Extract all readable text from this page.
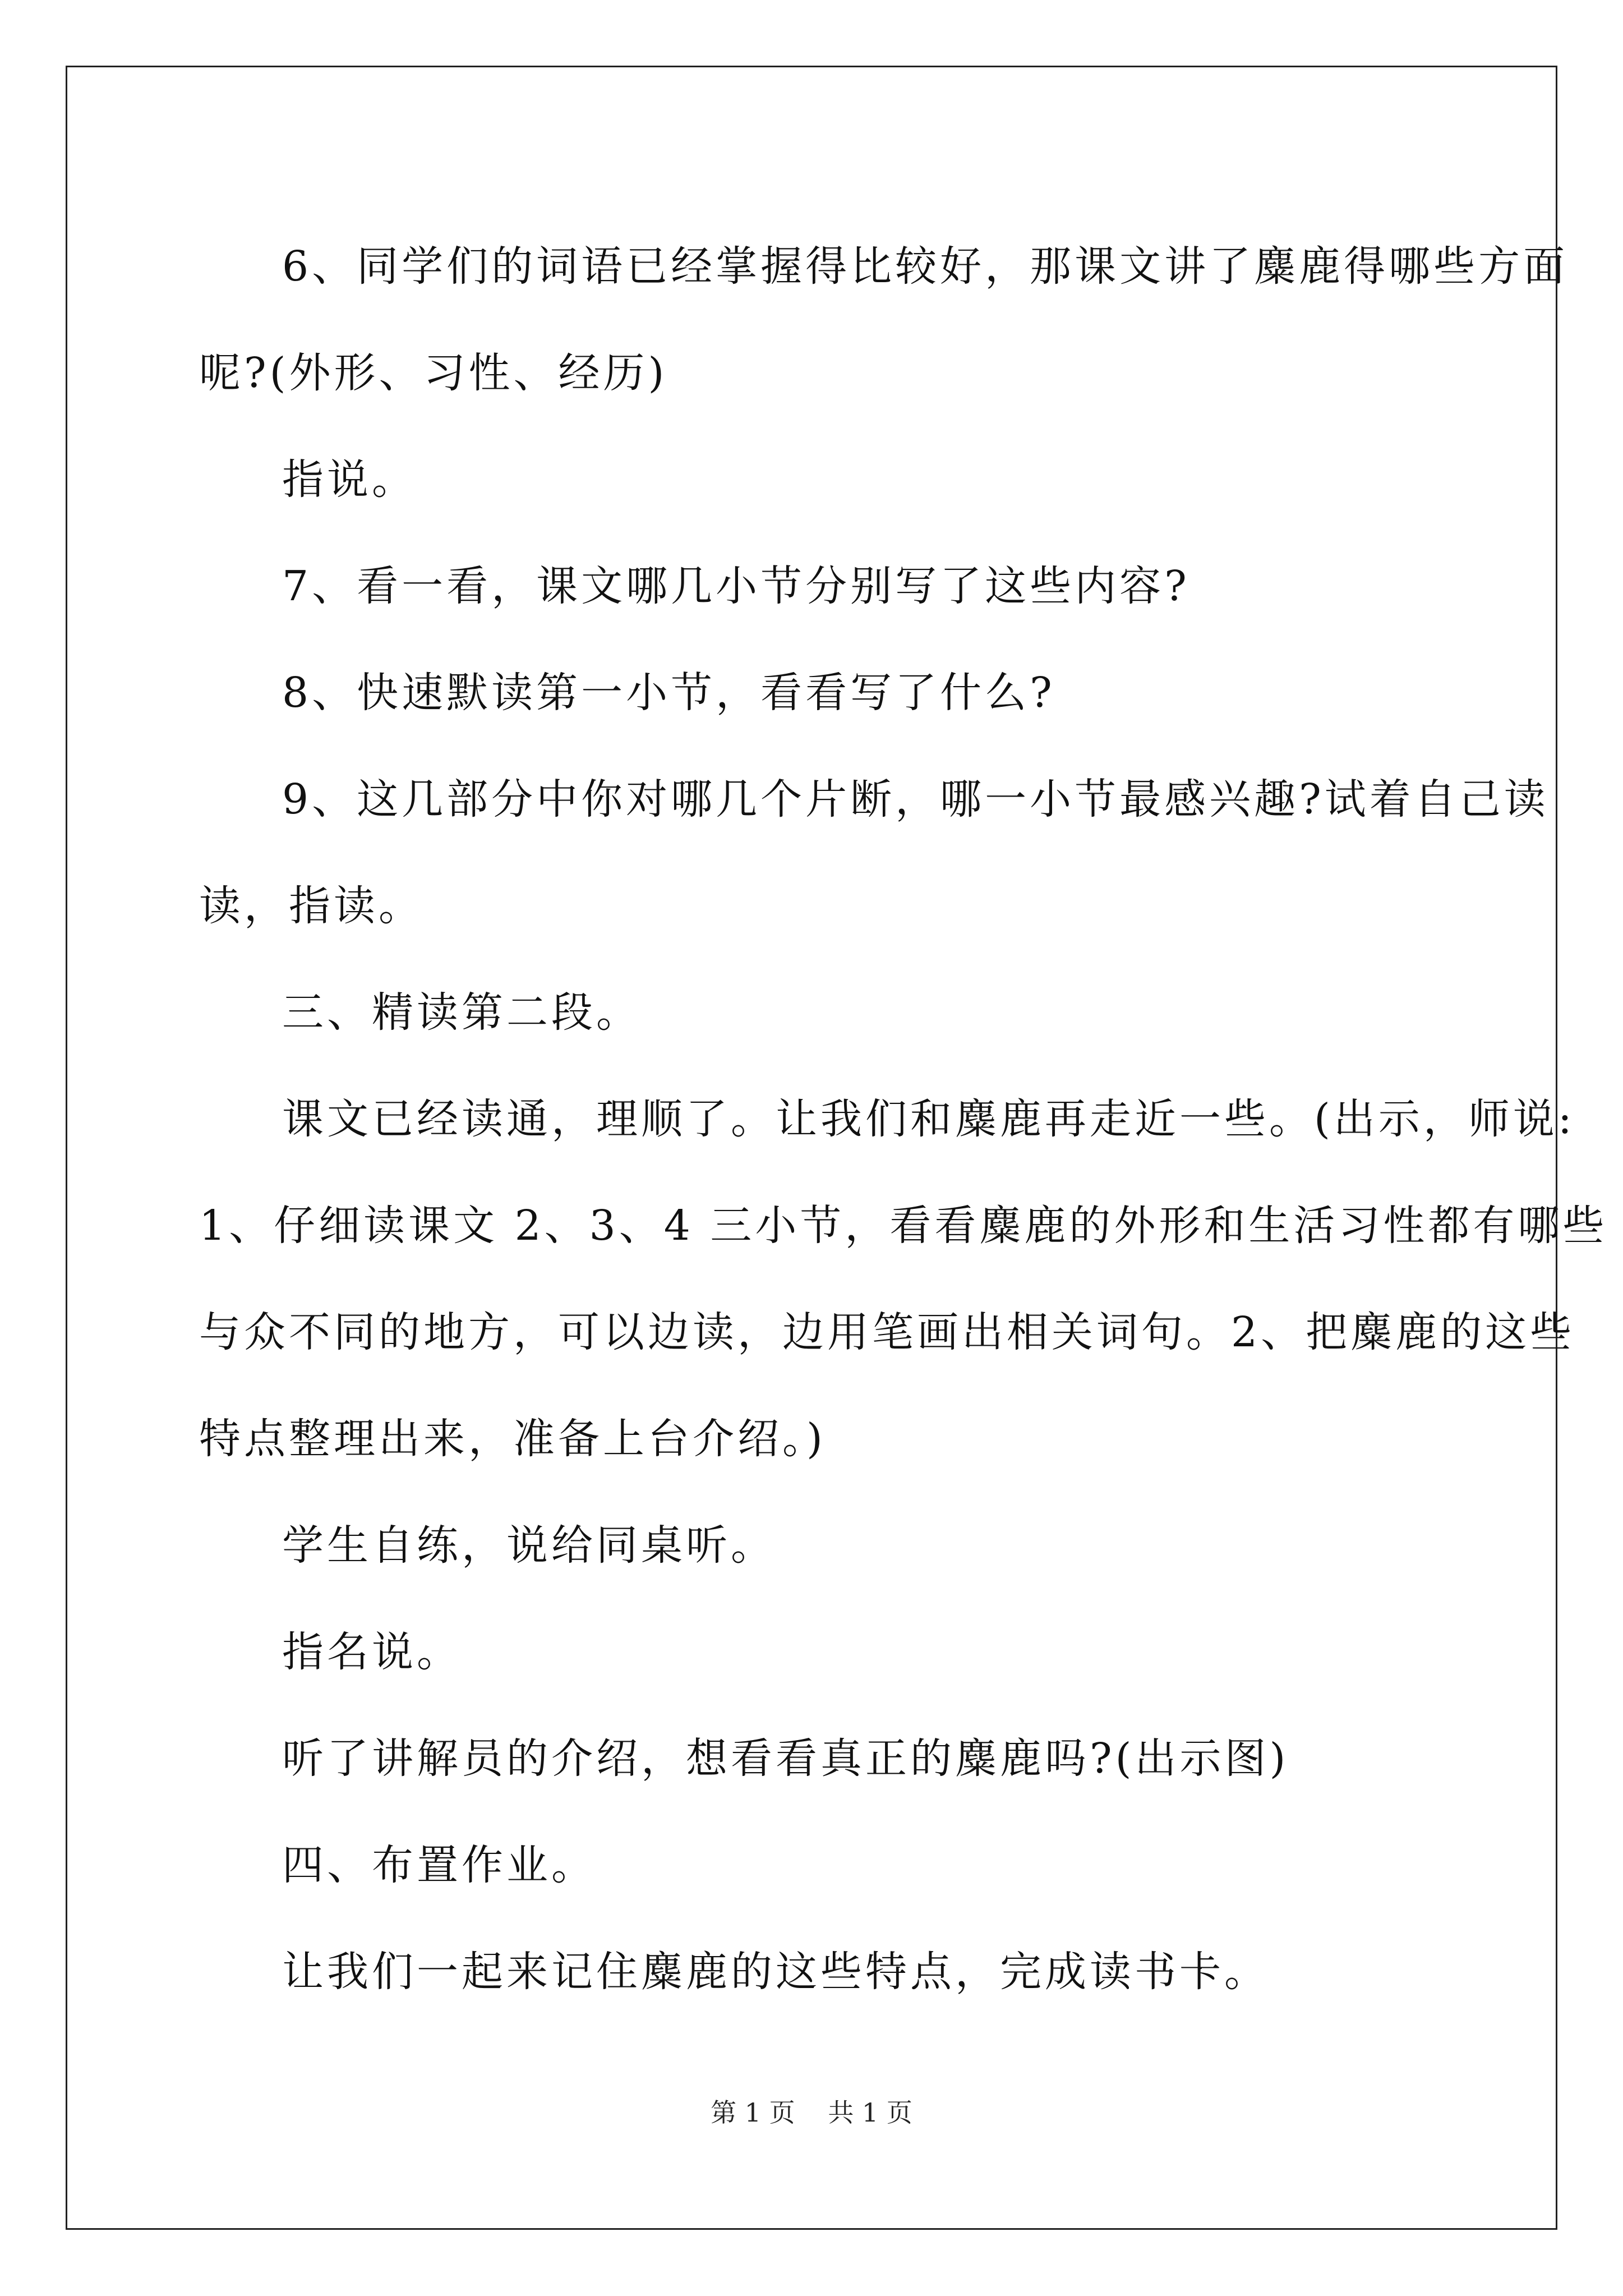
6、同学们的词语已经掌握得比较好，那课文讲了麋鹿得哪些方面

呢?(外形、习性、经历)

指说。

7、看一看，课文哪几小节分别写了这些内容?

8、快速默读第一小节，看看写了什么?

9、这几部分中你对哪几个片断，哪一小节最感兴趣?试着自己读

读，指读。

三、精读第二段。

课文已经读通，理顺了。让我们和麋鹿再走近一些。(出示，师说:

1、仔细读课文 2、3、4 三小节，看看麋鹿的外形和生活习性都有哪些

与众不同的地方，可以边读，边用笔画出相关词句。2、把麋鹿的这些

特点整理出来，准备上台介绍。)

学生自练，说给同桌听。

指名说。

听了讲解员的介绍，想看看真正的麋鹿吗?(出示图)

四、布置作业。

让我们一起来记住麋鹿的这些特点，完成读书卡。

第 1 页 共 1 页
